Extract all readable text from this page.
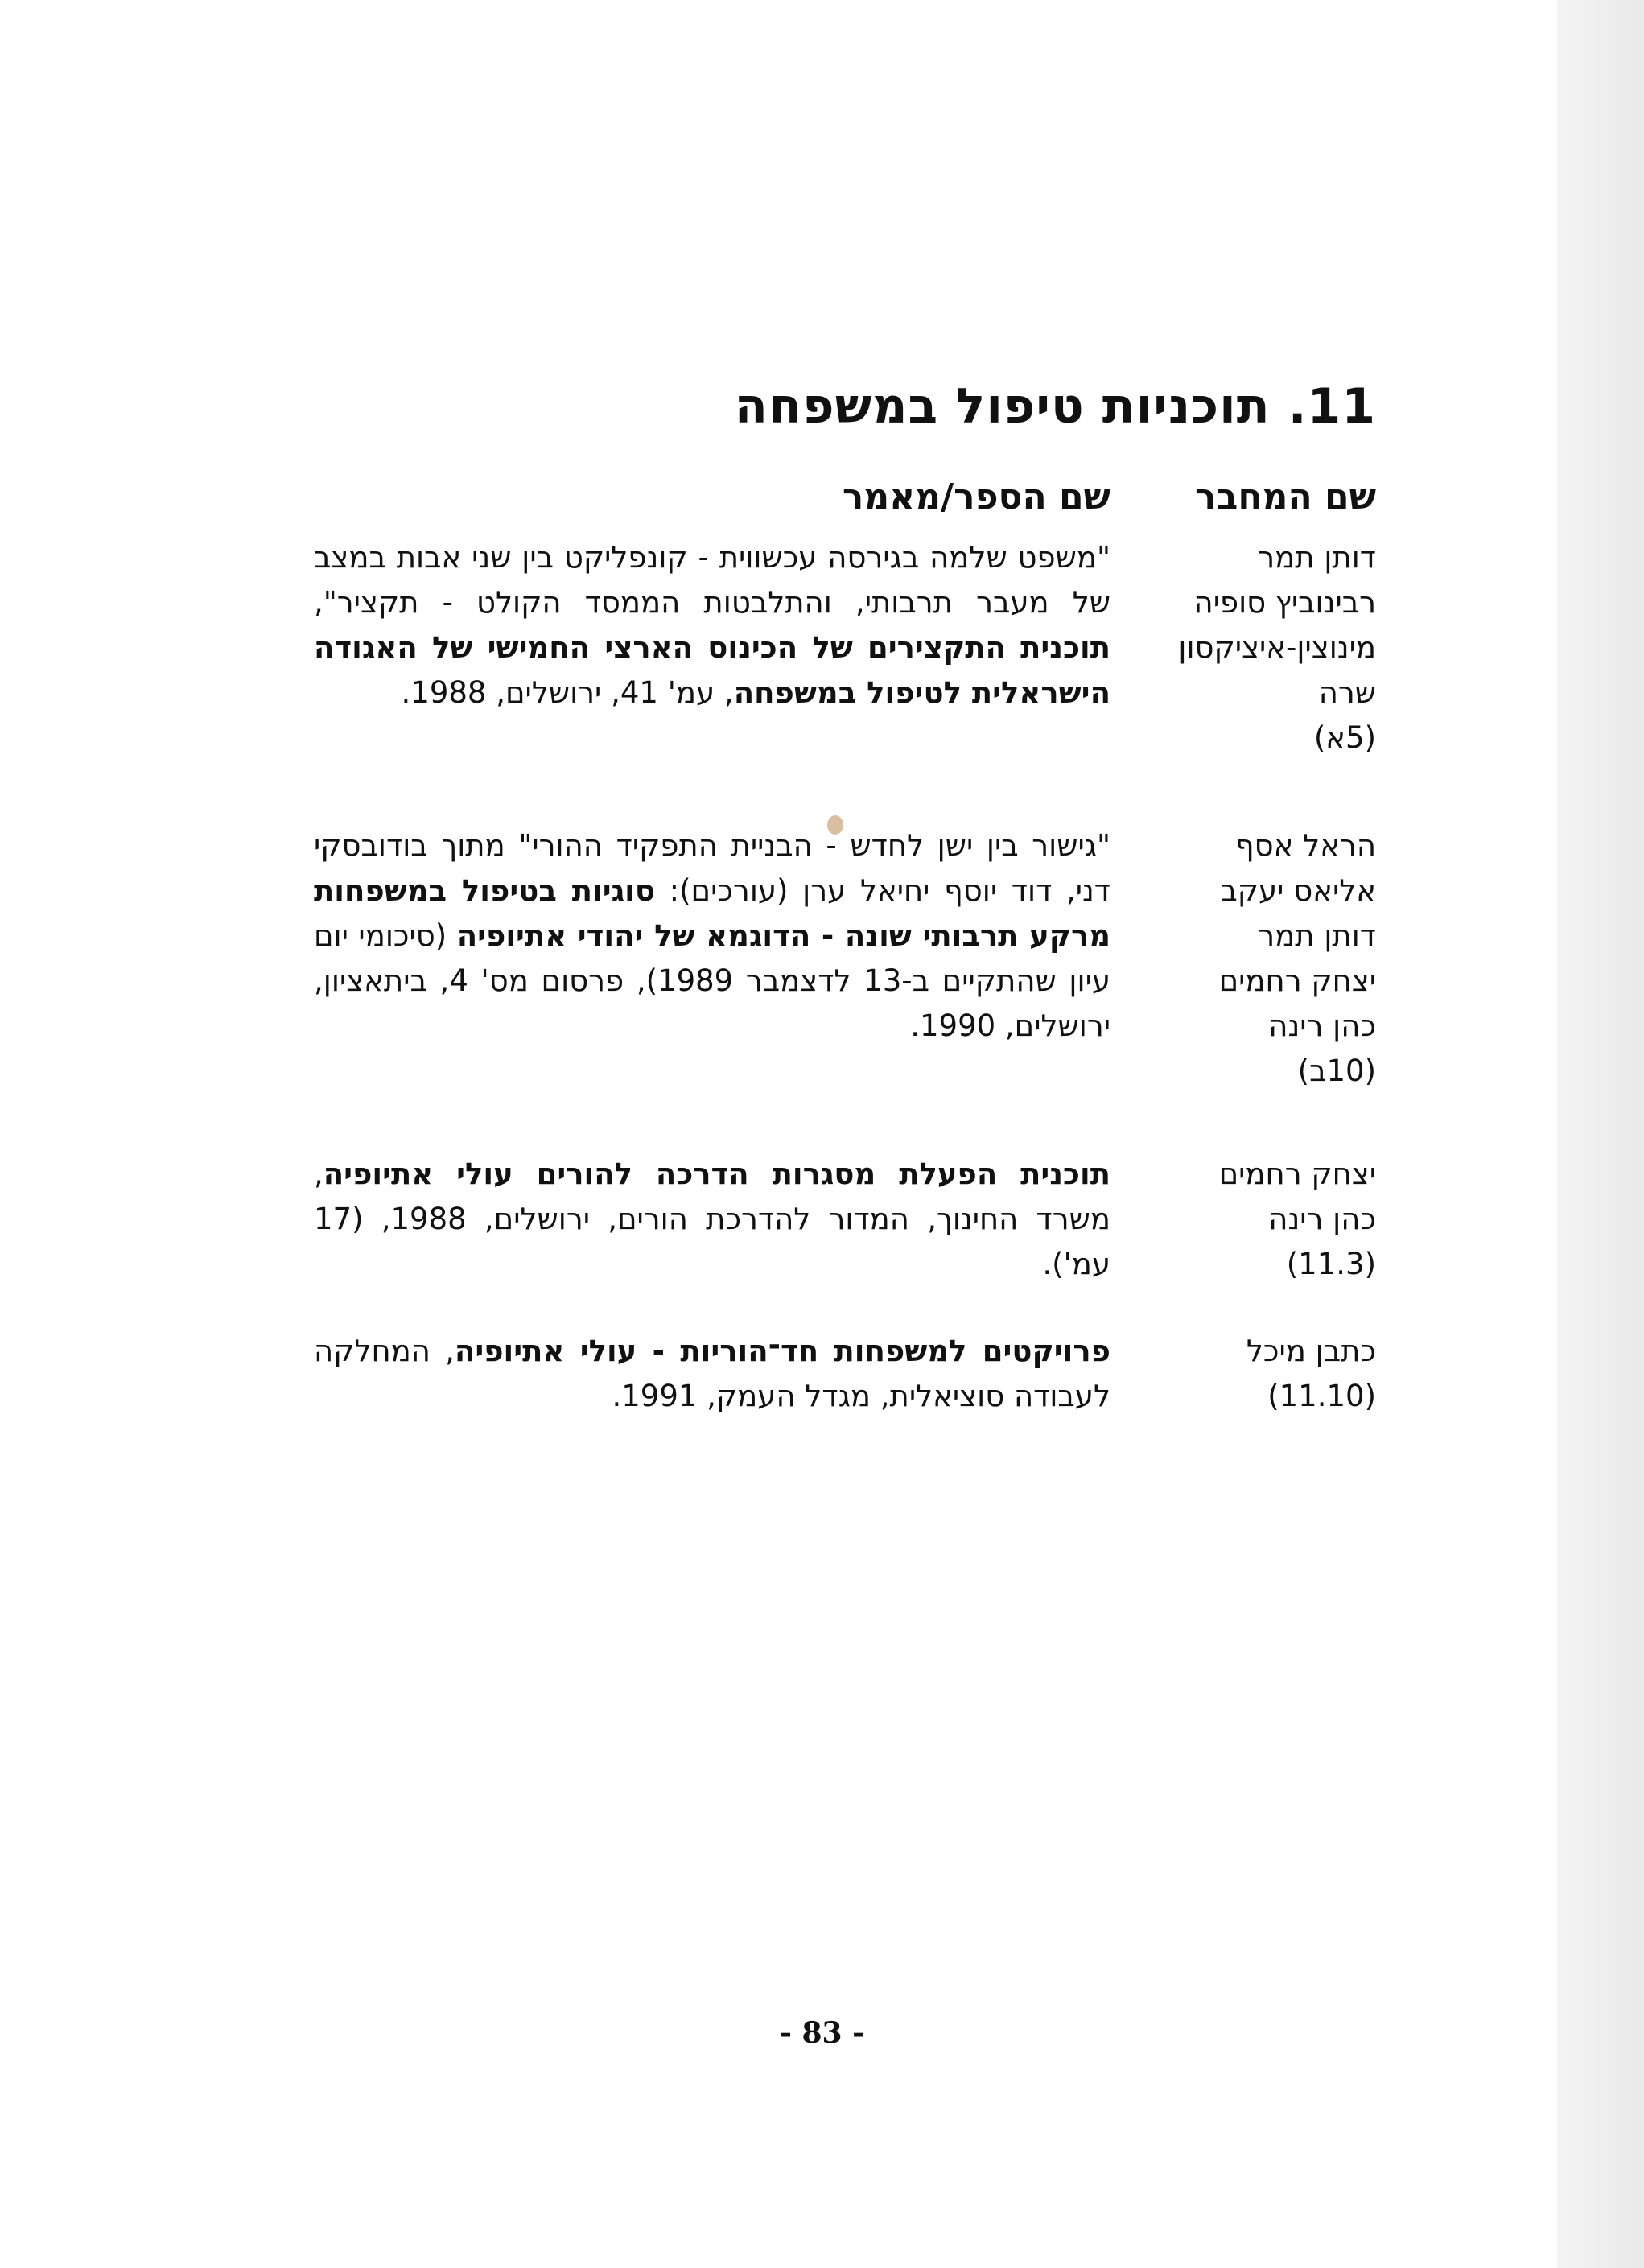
11.תוכניות טיפול במשפחה
שם המחבר
שם הספר/מאמר
דותן תמר
רבינוביץ סופיה
מינוצין-איציקסון
שרה
(5א)
"משפט שלמה בגירסה עכשווית - קונפליקט בין שני אבות במצב של מעבר תרבותי, והתלבטות הממסד הקולט - תקציר", תוכנית התקצירים של הכינוס הארצי החמישי של האגודה הישראלית לטיפול במשפחה, עמ' 41, ירושלים, 1988.
הראל אסף
אליאס יעקב
דותן תמר
יצחק רחמים
כהן רינה
(10ב)
"גישור בין ישן לחדש - הבניית התפקיד ההורי" מתוך בודובסקי דני, דוד יוסף יחיאל ערן (עורכים): סוגיות בטיפול במשפחות מרקע תרבותי שונה - הדוגמא של יהודי אתיופיה (סיכומי יום עיון שהתקיים ב-13 לדצמבר 1989), פרסום מס' 4, ביתאציון, ירושלים, 1990.
יצחק רחמים
כהן רינה
(11.3)
תוכנית הפעלת מסגרות הדרכה להורים עולי אתיופיה, משרד החינוך, המדור להדרכת הורים, ירושלים, 1988, (17 עמ').
כתבן מיכל
(11.10)
פרויקטים למשפחות חד־הוריות - עולי אתיופיה, המחלקה לעבודה סוציאלית, מגדל העמק, 1991.
- 83 -
